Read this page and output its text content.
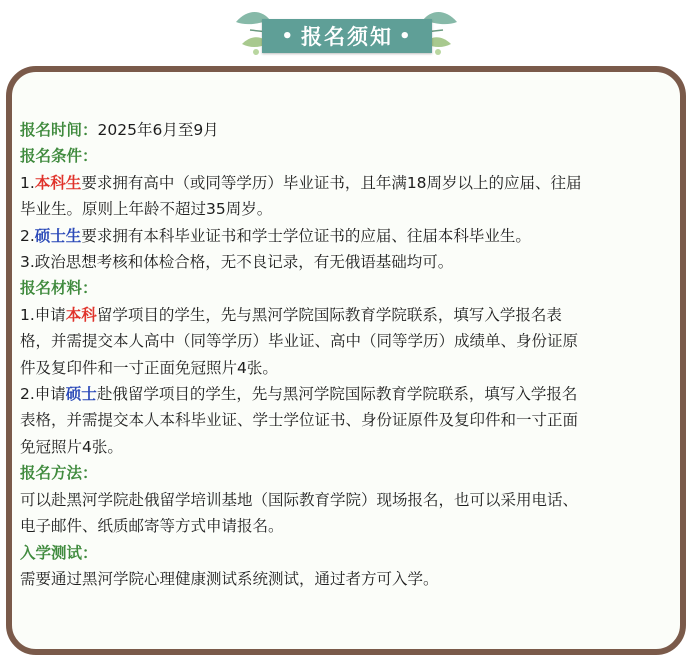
• 报名须知 •

报名时间：2025年6月至9月

报名条件：

1.本科生要求拥有高中（或同等学历）毕业证书，且年满18周岁以上的应届、往届

毕业生。原则上年龄不超过35周岁。

2.硕士生要求拥有本科毕业证书和学士学位证书的应届、往届本科毕业生。

3.政治思想考核和体检合格，无不良记录，有无俄语基础均可。

报名材料：

1.申请本科留学项目的学生，先与黑河学院国际教育学院联系，填写入学报名表

格，并需提交本人高中（同等学历）毕业证、高中（同等学历）成绩单、身份证原

件及复印件和一寸正面免冠照片4张。

2.申请硕士赴俄留学项目的学生，先与黑河学院国际教育学院联系，填写入学报名

表格，并需提交本人本科毕业证、学士学位证书、身份证原件及复印件和一寸正面

免冠照片4张。

报名方法：

可以赴黑河学院赴俄留学培训基地（国际教育学院）现场报名，也可以采用电话、

电子邮件、纸质邮寄等方式申请报名。

入学测试：

需要通过黑河学院心理健康测试系统测试，通过者方可入学。
